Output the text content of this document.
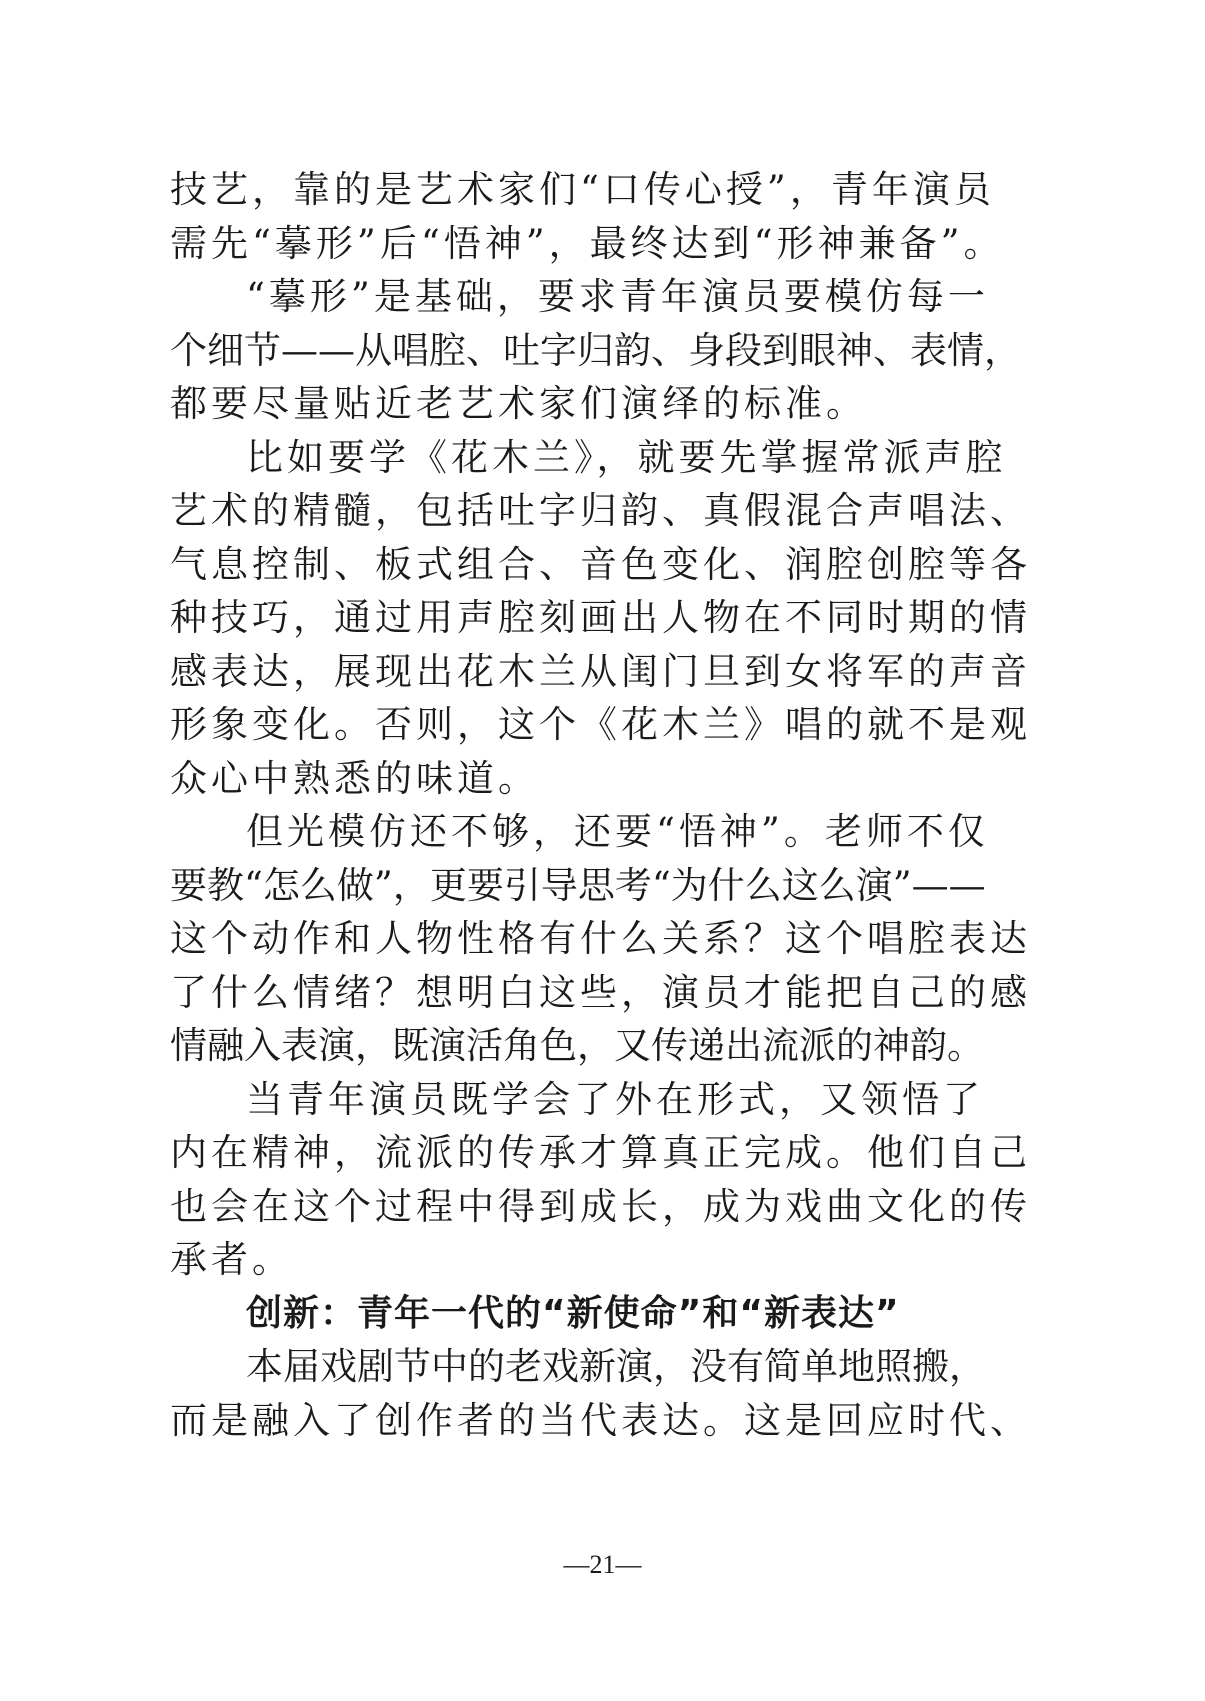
技艺，靠的是艺术家们“口传心授”，青年演员
需先“摹形”后“悟神”，最终达到“形神兼备”。
“摹形”是基础，要求青年演员要模仿每一
个细节——从唱腔、吐字归韵、身段到眼神、表情，
都要尽量贴近老艺术家们演绎的标准。
比如要学《花木兰》，就要先掌握常派声腔
艺术的精髓，包括吐字归韵、真假混合声唱法、
气息控制、板式组合、音色变化、润腔创腔等各
种技巧，通过用声腔刻画出人物在不同时期的情
感表达，展现出花木兰从闺门旦到女将军的声音
形象变化。否则，这个《花木兰》唱的就不是观
众心中熟悉的味道。
但光模仿还不够，还要“悟神”。老师不仅
要教“怎么做”，更要引导思考“为什么这么演”——
这个动作和人物性格有什么关系？这个唱腔表达
了什么情绪？想明白这些，演员才能把自己的感
情融入表演，既演活角色，又传递出流派的神韵。
当青年演员既学会了外在形式，又领悟了
内在精神，流派的传承才算真正完成。他们自己
也会在这个过程中得到成长，成为戏曲文化的传
承者。
创新：青年一代的“新使命”和“新表达”
本届戏剧节中的老戏新演，没有简单地照搬，
而是融入了创作者的当代表达。这是回应时代、
—21—
